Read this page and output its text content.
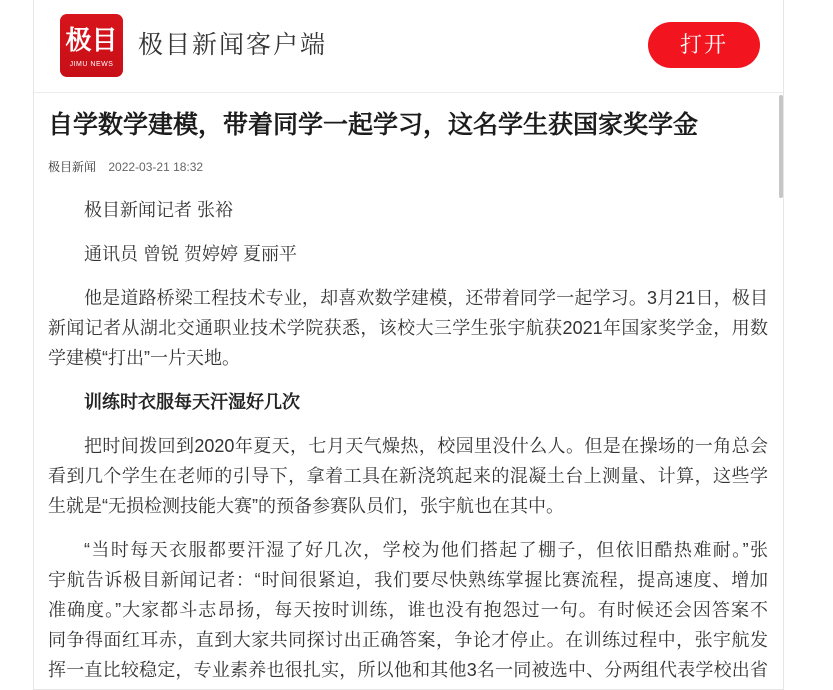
极目
JIMU NEWS
极目新闻客户端	打开
自学数学建模，带着同学一起学习，这名学生获国家奖学金
极目新闻 2022-03-21 18:32

极目新闻记者 张裕

通讯员 曾锐 贺婷婷 夏丽平

他是道路桥梁工程技术专业，却喜欢数学建模，还带着同学一起学习。3月21日，极目
新闻记者从湖北交通职业技术学院获悉，该校大三学生张宇航获2021年国家奖学金，用数
学建模“打出”一片天地。

训练时衣服每天汗湿好几次

把时间拨回到2020年夏天，七月天气燥热，校园里没什么人。但是在操场的一角总会
看到几个学生在老师的引导下，拿着工具在新浇筑起来的混凝土台上测量、计算，这些学
生就是“无损检测技能大赛”的预备参赛队员们，张宇航也在其中。

“当时每天衣服都要汗湿了好几次，学校为他们搭起了棚子，但依旧酷热难耐。”张
宇航告诉极目新闻记者：“时间很紧迫，我们要尽快熟练掌握比赛流程，提高速度、增加
准确度。”大家都斗志昂扬，每天按时训练，谁也没有抱怨过一句。有时候还会因答案不
同争得面红耳赤，直到大家共同探讨出正确答案，争论才停止。在训练过程中，张宇航发
挥一直比较稳定，专业素养也很扎实，所以他和其他3名一同被选中、分两组代表学校出省
